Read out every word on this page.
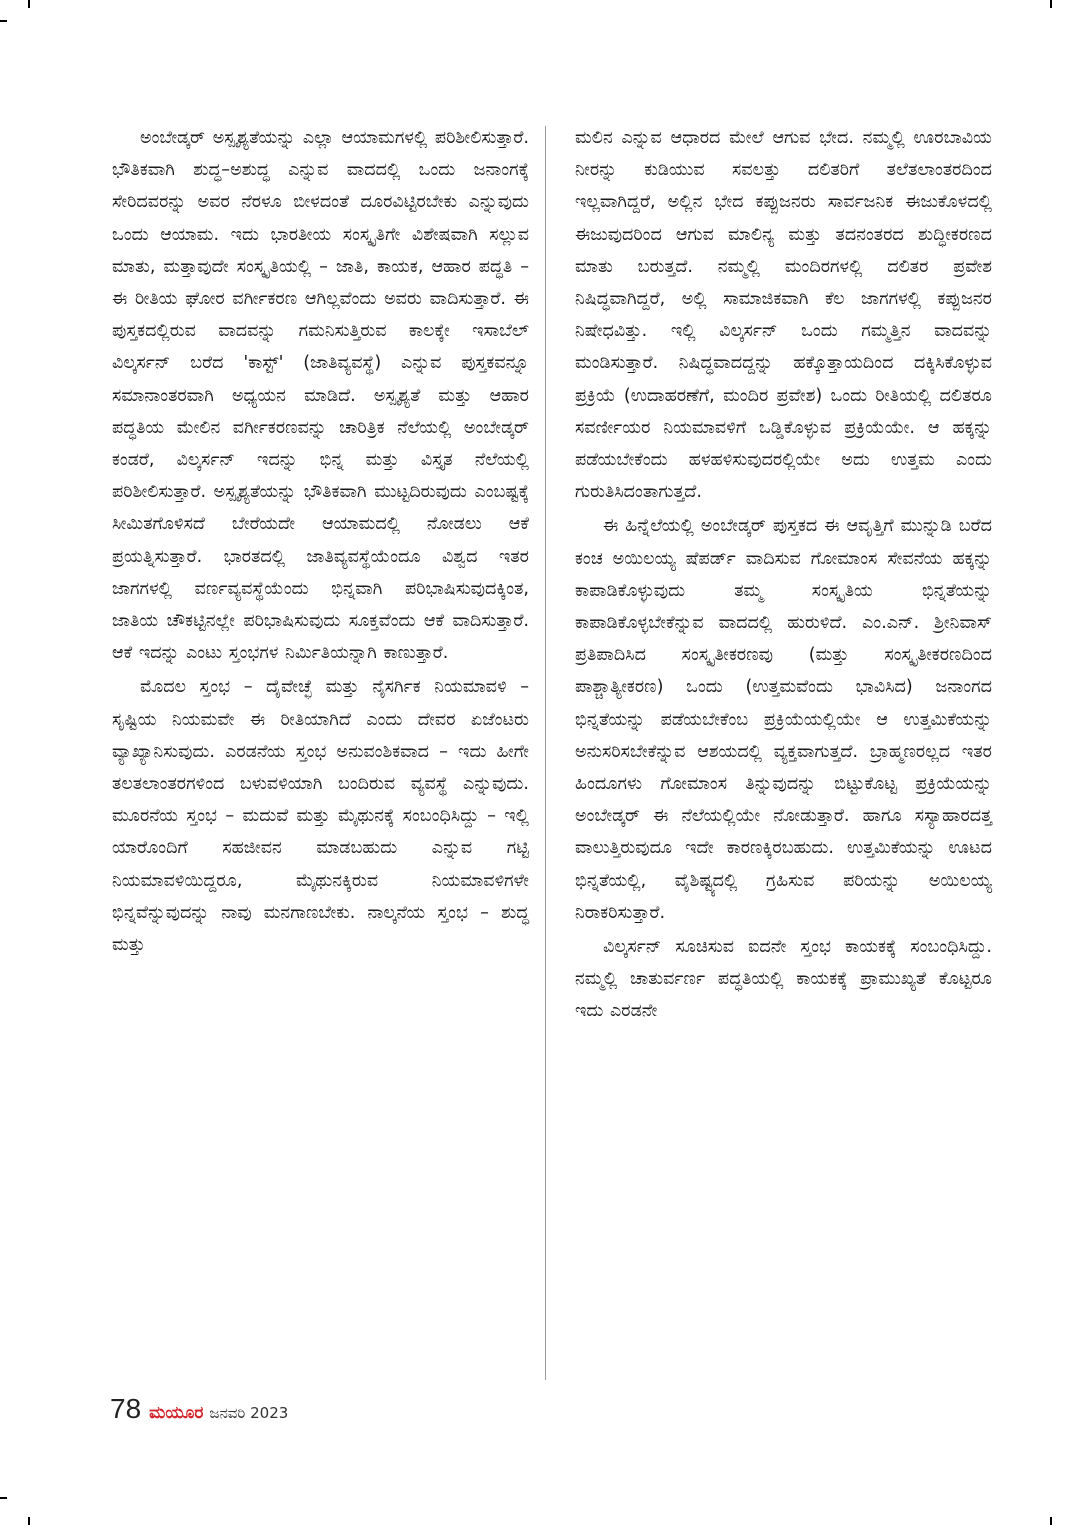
ಅಂಬೇಡ್ಕರ್ ಅಸ್ಪೃಶ್ಯತೆಯನ್ನು ಎಲ್ಲಾ ಆಯಾಮಗಳಲ್ಲಿ ಪರಿಶೀಲಿಸುತ್ತಾರೆ. ಭೌತಿಕವಾಗಿ ಶುದ್ಧ–ಅಶುದ್ಧ ಎನ್ನುವ ವಾದದಲ್ಲಿ ಒಂದು ಜನಾಂಗಕ್ಕೆ ಸೇರಿದವರನ್ನು ಅವರ ನೆರಳೂ ಬೀಳದಂತೆ ದೂರವಿಟ್ಟಿರಬೇಕು ಎನ್ನುವುದು ಒಂದು ಆಯಾಮ. ಇದು ಭಾರತೀಯ ಸಂಸ್ಕೃತಿಗೇ ವಿಶೇಷವಾಗಿ ಸಲ್ಲುವ ಮಾತು, ಮತ್ತಾವುದೇ ಸಂಸ್ಕೃತಿಯಲ್ಲಿ – ಜಾತಿ, ಕಾಯಕ, ಆಹಾರ ಪದ್ಧತಿ – ಈ ರೀತಿಯ ಘೋರ ವರ್ಗೀಕರಣ ಆಗಿಲ್ಲವೆಂದು ಅವರು ವಾದಿಸುತ್ತಾರೆ. ಈ ಪುಸ್ತಕದಲ್ಲಿರುವ ವಾದವನ್ನು ಗಮನಿಸುತ್ತಿರುವ ಕಾಲಕ್ಕೇ ಇಸಾಬೆಲ್ ವಿಲ್ಕರ್ಸನ್ ಬರೆದ 'ಕಾಸ್ಟ್' (ಜಾತಿವ್ಯವಸ್ಥೆ) ಎನ್ನುವ ಪುಸ್ತಕವನ್ನೂ ಸಮಾನಾಂತರವಾಗಿ ಅಧ್ಯಯನ ಮಾಡಿದೆ. ಅಸ್ಪೃಶ್ಯತೆ ಮತ್ತು ಆಹಾರ ಪದ್ಧತಿಯ ಮೇಲಿನ ವರ್ಗೀಕರಣವನ್ನು ಚಾರಿತ್ರಿಕ ನೆಲೆಯಲ್ಲಿ ಅಂಬೇಡ್ಕರ್ ಕಂಡರೆ, ವಿಲ್ಕರ್ಸನ್ ಇದನ್ನು ಭಿನ್ನ ಮತ್ತು ವಿಸ್ತೃತ ನೆಲೆಯಲ್ಲಿ ಪರಿಶೀಲಿಸುತ್ತಾರೆ. ಅಸ್ಪೃಶ್ಯತೆಯನ್ನು ಭೌತಿಕವಾಗಿ ಮುಟ್ಟದಿರುವುದು ಎಂಬಷ್ಟಕ್ಕೆ ಸೀಮಿತಗೊಳಿಸದೆ ಬೇರೆಯದೇ ಆಯಾಮದಲ್ಲಿ ನೋಡಲು ಆಕೆ ಪ್ರಯತ್ನಿಸುತ್ತಾರೆ. ಭಾರತದಲ್ಲಿ ಜಾತಿವ್ಯವಸ್ಥೆಯೆಂದೂ ವಿಶ್ವದ ಇತರ ಜಾಗಗಳಲ್ಲಿ ವರ್ಣವ್ಯವಸ್ಥೆಯೆಂದು ಭಿನ್ನವಾಗಿ ಪರಿಭಾಷಿಸುವುದಕ್ಕಿಂತ, ಜಾತಿಯ ಚೌಕಟ್ಟಿನಲ್ಲೇ ಪರಿಭಾಷಿಸುವುದು ಸೂಕ್ತವೆಂದು ಆಕೆ ವಾದಿಸುತ್ತಾರೆ. ಆಕೆ ಇದನ್ನು ಎಂಟು ಸ್ತಂಭಗಳ ನಿರ್ಮಿತಿಯನ್ನಾಗಿ ಕಾಣುತ್ತಾರೆ.

ಮೊದಲ ಸ್ತಂಭ – ದೈವೇಚ್ಛೆ ಮತ್ತು ನೈಸರ್ಗಿಕ ನಿಯಮಾವಳಿ – ಸೃಷ್ಟಿಯ ನಿಯಮವೇ ಈ ರೀತಿಯಾಗಿದೆ ಎಂದು ದೇವರ ಏಜೆಂಟರು ವ್ಯಾಖ್ಯಾನಿಸುವುದು. ಎರಡನೆಯ ಸ್ತಂಭ ಅನುವಂಶಿಕವಾದ – ಇದು ಹೀಗೇ ತಲತಲಾಂತರಗಳಿಂದ ಬಳುವಳಿಯಾಗಿ ಬಂದಿರುವ ವ್ಯವಸ್ಥೆ ಎನ್ನುವುದು. ಮೂರನೆಯ ಸ್ತಂಭ – ಮದುವೆ ಮತ್ತು ಮೈಥುನಕ್ಕೆ ಸಂಬಂಧಿಸಿದ್ದು – ಇಲ್ಲಿ ಯಾರೊಂದಿಗೆ ಸಹಜೀವನ ಮಾಡಬಹುದು ಎನ್ನುವ ಗಟ್ಟಿ ನಿಯಮಾವಳಿಯಿದ್ದರೂ, ಮೈಥುನಕ್ಕಿರುವ ನಿಯಮಾವಳಿಗಳೇ ಭಿನ್ನವೆನ್ನುವುದನ್ನು ನಾವು ಮನಗಾಣಬೇಕು. ನಾಲ್ಕನೆಯ ಸ್ತಂಭ – ಶುದ್ಧ ಮತ್ತು

ಮಲಿನ ಎನ್ನುವ ಆಧಾರದ ಮೇಲೆ ಆಗುವ ಭೇದ. ನಮ್ಮಲ್ಲಿ ಊರಬಾವಿಯ ನೀರನ್ನು ಕುಡಿಯುವ ಸವಲತ್ತು ದಲಿತರಿಗೆ ತಲೆತಲಾಂತರದಿಂದ ಇಲ್ಲವಾಗಿದ್ದರೆ, ಅಲ್ಲಿನ ಭೇದ ಕಪ್ಪುಜನರು ಸಾರ್ವಜನಿಕ ಈಜುಕೊಳದಲ್ಲಿ ಈಜುವುದರಿಂದ ಆಗುವ ಮಾಲಿನ್ಯ ಮತ್ತು ತದನಂತರದ ಶುದ್ಧೀಕರಣದ ಮಾತು ಬರುತ್ತದೆ. ನಮ್ಮಲ್ಲಿ ಮಂದಿರಗಳಲ್ಲಿ ದಲಿತರ ಪ್ರವೇಶ ನಿಷಿದ್ಧವಾಗಿದ್ದರೆ, ಅಲ್ಲಿ ಸಾಮಾಜಿಕವಾಗಿ ಕೆಲ ಜಾಗಗಳಲ್ಲಿ ಕಪ್ಪುಜನರ ನಿಷೇಧವಿತ್ತು. ಇಲ್ಲಿ ವಿಲ್ಕರ್ಸನ್ ಒಂದು ಗಮ್ಮತ್ತಿನ ವಾದವನ್ನು ಮಂಡಿಸುತ್ತಾರೆ. ನಿಷಿದ್ಧವಾದದ್ದನ್ನು ಹಕ್ಕೊತ್ತಾಯದಿಂದ ದಕ್ಕಿಸಿಕೊಳ್ಳುವ ಪ್ರಕ್ರಿಯೆ (ಉದಾಹರಣೆಗೆ, ಮಂದಿರ ಪ್ರವೇಶ) ಒಂದು ರೀತಿಯಲ್ಲಿ ದಲಿತರೂ ಸವರ್ಣೀಯರ ನಿಯಮಾವಳಿಗೆ ಒಡ್ಡಿಕೊಳ್ಳುವ ಪ್ರಕ್ರಿಯೆಯೇ. ಆ ಹಕ್ಕನ್ನು ಪಡೆಯಬೇಕೆಂದು ಹಳಹಳಿಸುವುದರಲ್ಲಿಯೇ ಅದು ಉತ್ತಮ ಎಂದು ಗುರುತಿಸಿದಂತಾಗುತ್ತದೆ.

ಈ ಹಿನ್ನೆಲೆಯಲ್ಲಿ ಅಂಬೇಡ್ಕರ್ ಪುಸ್ತಕದ ಈ ಆವೃತ್ತಿಗೆ ಮುನ್ನುಡಿ ಬರೆದ ಕಂಚ ಅಯಿಲಯ್ಯ ಷೆಪರ್ಡ್ ವಾದಿಸುವ ಗೋಮಾಂಸ ಸೇವನೆಯ ಹಕ್ಕನ್ನು ಕಾಪಾಡಿಕೊಳ್ಳುವುದು ತಮ್ಮ ಸಂಸ್ಕೃತಿಯ ಭಿನ್ನತೆಯನ್ನು ಕಾಪಾಡಿಕೊಳ್ಳಬೇಕೆನ್ನುವ ವಾದದಲ್ಲಿ ಹುರುಳಿದೆ. ಎಂ.ಎನ್. ಶ್ರೀನಿವಾಸ್ ಪ್ರತಿಪಾದಿಸಿದ ಸಂಸ್ಕೃತೀಕರಣವು (ಮತ್ತು ಸಂಸ್ಕೃತೀಕರಣದಿಂದ ಪಾಶ್ಚಾತ್ಯೀಕರಣ) ಒಂದು (ಉತ್ತಮವೆಂದು ಭಾವಿಸಿದ) ಜನಾಂಗದ ಭಿನ್ನತೆಯನ್ನು ಪಡೆಯಬೇಕೆಂಬ ಪ್ರಕ್ರಿಯೆಯಲ್ಲಿಯೇ ಆ ಉತ್ತಮಿಕೆಯನ್ನು ಅನುಸರಿಸಬೇಕೆನ್ನುವ ಆಶಯದಲ್ಲಿ ವ್ಯಕ್ತವಾಗುತ್ತದೆ. ಬ್ರಾಹ್ಮಣರಲ್ಲದ ಇತರ ಹಿಂದೂಗಳು ಗೋಮಾಂಸ ತಿನ್ನುವುದನ್ನು ಬಿಟ್ಟುಕೊಟ್ಟ ಪ್ರಕ್ರಿಯೆಯನ್ನು ಅಂಬೇಡ್ಕರ್ ಈ ನೆಲೆಯಲ್ಲಿಯೇ ನೋಡುತ್ತಾರೆ. ಹಾಗೂ ಸಸ್ಯಾಹಾರದತ್ತ ವಾಲುತ್ತಿರುವುದೂ ಇದೇ ಕಾರಣಕ್ಕಿರಬಹುದು. ಉತ್ತಮಿಕೆಯನ್ನು ಊಟದ ಭಿನ್ನತೆಯಲ್ಲಿ, ವೈಶಿಷ್ಟ್ಯದಲ್ಲಿ ಗ್ರಹಿಸುವ ಪರಿಯನ್ನು ಅಯಿಲಯ್ಯ ನಿರಾಕರಿಸುತ್ತಾರೆ.

ವಿಲ್ಕರ್ಸನ್ ಸೂಚಿಸುವ ಐದನೇ ಸ್ತಂಭ ಕಾಯಕಕ್ಕೆ ಸಂಬಂಧಿಸಿದ್ದು. ನಮ್ಮಲ್ಲಿ ಚಾತುರ್ವರ್ಣ ಪದ್ಧತಿಯಲ್ಲಿ ಕಾಯಕಕ್ಕೆ ಪ್ರಾಮುಖ್ಯತೆ ಕೊಟ್ಟರೂ ಇದು ಎರಡನೇ

78 ಮಯೂರ ಜನವರಿ 2023
